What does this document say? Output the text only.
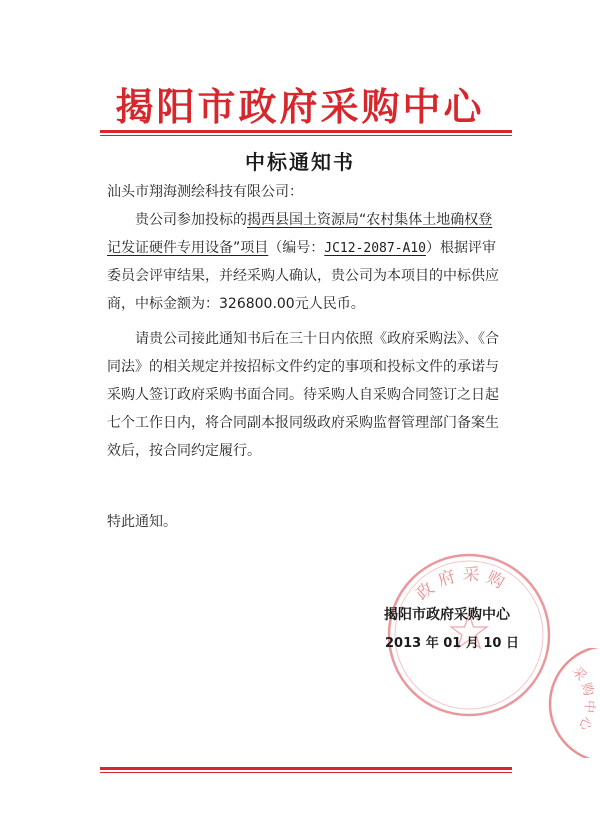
揭阳市政府采购中心
中标通知书
汕头市翔海测绘科技有限公司：
贵公司参加投标的揭西县国土资源局“农村集体土地确权登
记发证硬件专用设备”项目（编号：JC12-2087-A10）根据评审
委员会评审结果，并经采购人确认，贵公司为本项目的中标供应
商，中标金额为：326800.00元人民币。
请贵公司接此通知书后在三十日内依照《政府采购法》、《合
同法》的相关规定并按招标文件约定的事项和投标文件的承诺与
采购人签订政府采购书面合同。待采购人自采购合同签订之日起
七个工作日内，将合同副本报同级政府采购监督管理部门备案生
效后，按合同约定履行。
特此通知。
政府采购
采购中心
揭阳市政府采购中心
2013 年 01 月 10 日
